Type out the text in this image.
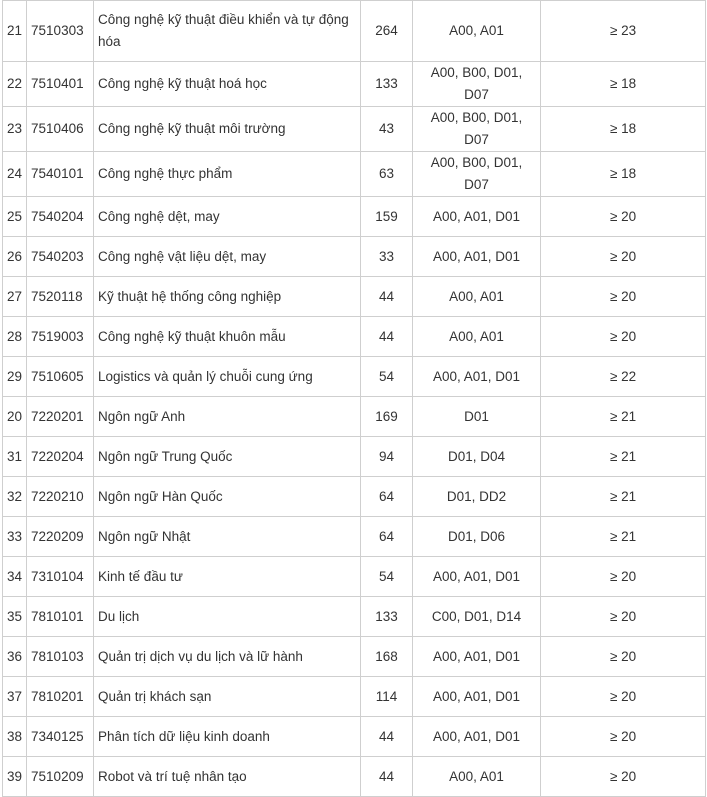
21	7510303	Công nghệ kỹ thuật điều khiển và tự động hóa	264	A00, A01	≥ 23
22	7510401	Công nghệ kỹ thuật hoá học	133	A00, B00, D01, D07	≥ 18
23	7510406	Công nghệ kỹ thuật môi trường	43	A00, B00, D01, D07	≥ 18
24	7540101	Công nghệ thực phẩm	63	A00, B00, D01, D07	≥ 18
25	7540204	Công nghệ dệt, may	159	A00, A01, D01	≥ 20
26	7540203	Công nghệ vật liệu dệt, may	33	A00, A01, D01	≥ 20
27	7520118	Kỹ thuật hệ thống công nghiệp	44	A00, A01	≥ 20
28	7519003	Công nghệ kỹ thuật khuôn mẫu	44	A00, A01	≥ 20
29	7510605	Logistics và quản lý chuỗi cung ứng	54	A00, A01, D01	≥ 22
20	7220201	Ngôn ngữ Anh	169	D01	≥ 21
31	7220204	Ngôn ngữ Trung Quốc	94	D01, D04	≥ 21
32	7220210	Ngôn ngữ Hàn Quốc	64	D01, DD2	≥ 21
33	7220209	Ngôn ngữ Nhật	64	D01, D06	≥ 21
34	7310104	Kinh tế đầu tư	54	A00, A01, D01	≥ 20
35	7810101	Du lịch	133	C00, D01, D14	≥ 20
36	7810103	Quản trị dịch vụ du lịch và lữ hành	168	A00, A01, D01	≥ 20
37	7810201	Quản trị khách sạn	114	A00, A01, D01	≥ 20
38	7340125	Phân tích dữ liệu kinh doanh	44	A00, A01, D01	≥ 20
39	7510209	Robot và trí tuệ nhân tạo	44	A00, A01	≥ 20
